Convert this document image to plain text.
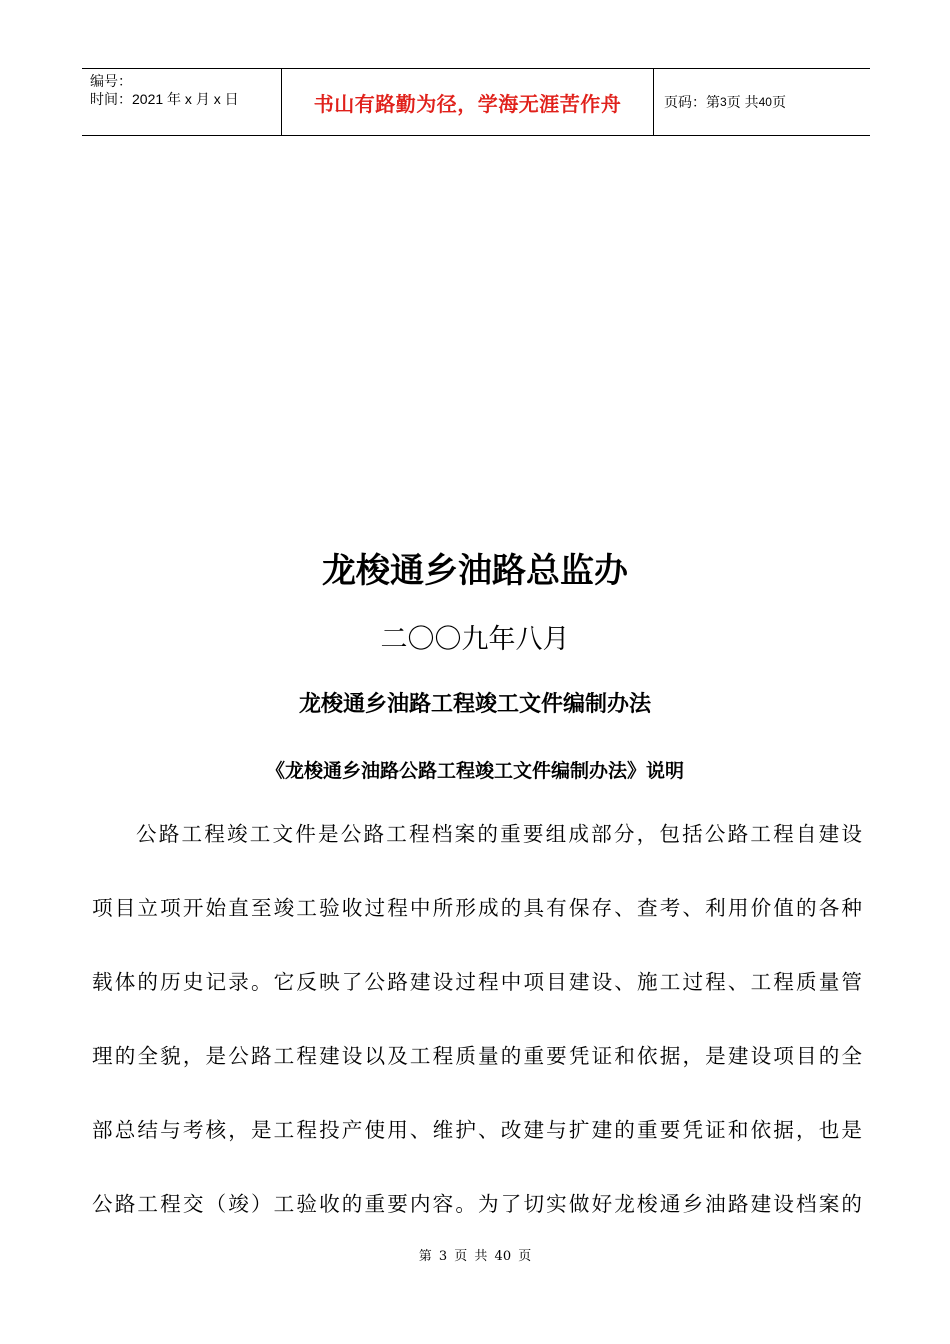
编号：
时间：2021 年 x 月 x 日	书山有路勤为径，学海无涯苦作舟	页码：第 3 页 共 40 页
龙梭通乡油路总监办
二〇〇九年八月
龙梭通乡油路工程竣工文件编制办法
《龙梭通乡油路公路工程竣工文件编制办法》说明
公路工程竣工文件是公路工程档案的重要组成部分，包括公路工程自建设
项目立项开始直至竣工验收过程中所形成的具有保存、查考、利用价值的各种
载体的历史记录。它反映了公路建设过程中项目建设、施工过程、工程质量管
理的全貌，是公路工程建设以及工程质量的重要凭证和依据，是建设项目的全
部总结与考核，是工程投产使用、维护、改建与扩建的重要凭证和依据，也是
公路工程交（竣）工验收的重要内容。为了切实做好龙梭通乡油路建设档案的
第 3 页 共 40 页
